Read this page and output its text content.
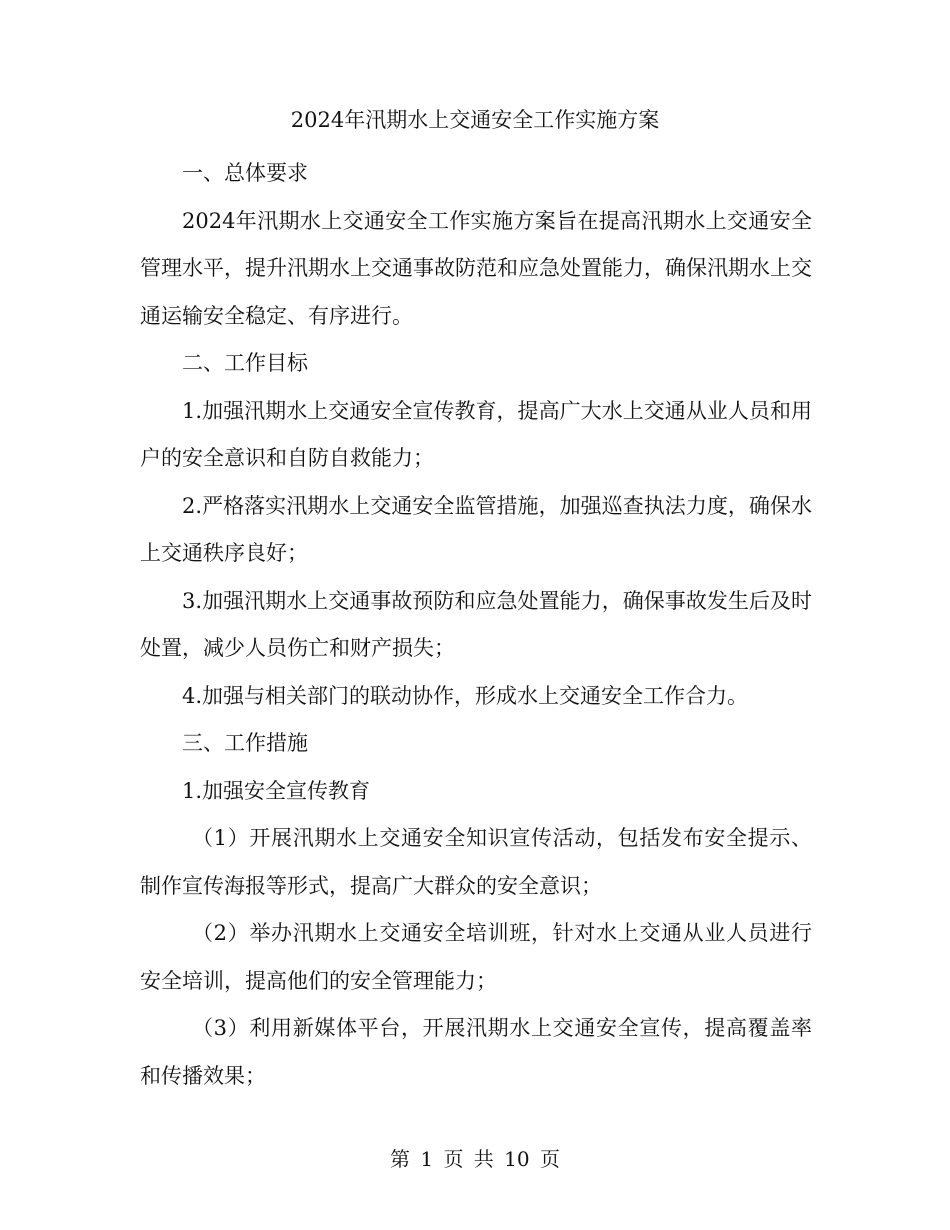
2024年汛期水上交通安全工作实施方案

一、总体要求

2024年汛期水上交通安全工作实施方案旨在提高汛期水上交通安全管理水平，提升汛期水上交通事故防范和应急处置能力，确保汛期水上交通运输安全稳定、有序进行。

二、工作目标

1.加强汛期水上交通安全宣传教育，提高广大水上交通从业人员和用户的安全意识和自防自救能力；

2.严格落实汛期水上交通安全监管措施，加强巡查执法力度，确保水上交通秩序良好；

3.加强汛期水上交通事故预防和应急处置能力，确保事故发生后及时处置，减少人员伤亡和财产损失；

4.加强与相关部门的联动协作，形成水上交通安全工作合力。

三、工作措施

1.加强安全宣传教育

（1）开展汛期水上交通安全知识宣传活动，包括发布安全提示、制作宣传海报等形式，提高广大群众的安全意识；

（2）举办汛期水上交通安全培训班，针对水上交通从业人员进行安全培训，提高他们的安全管理能力；

（3）利用新媒体平台，开展汛期水上交通安全宣传，提高覆盖率和传播效果；

第 1 页 共 10 页
